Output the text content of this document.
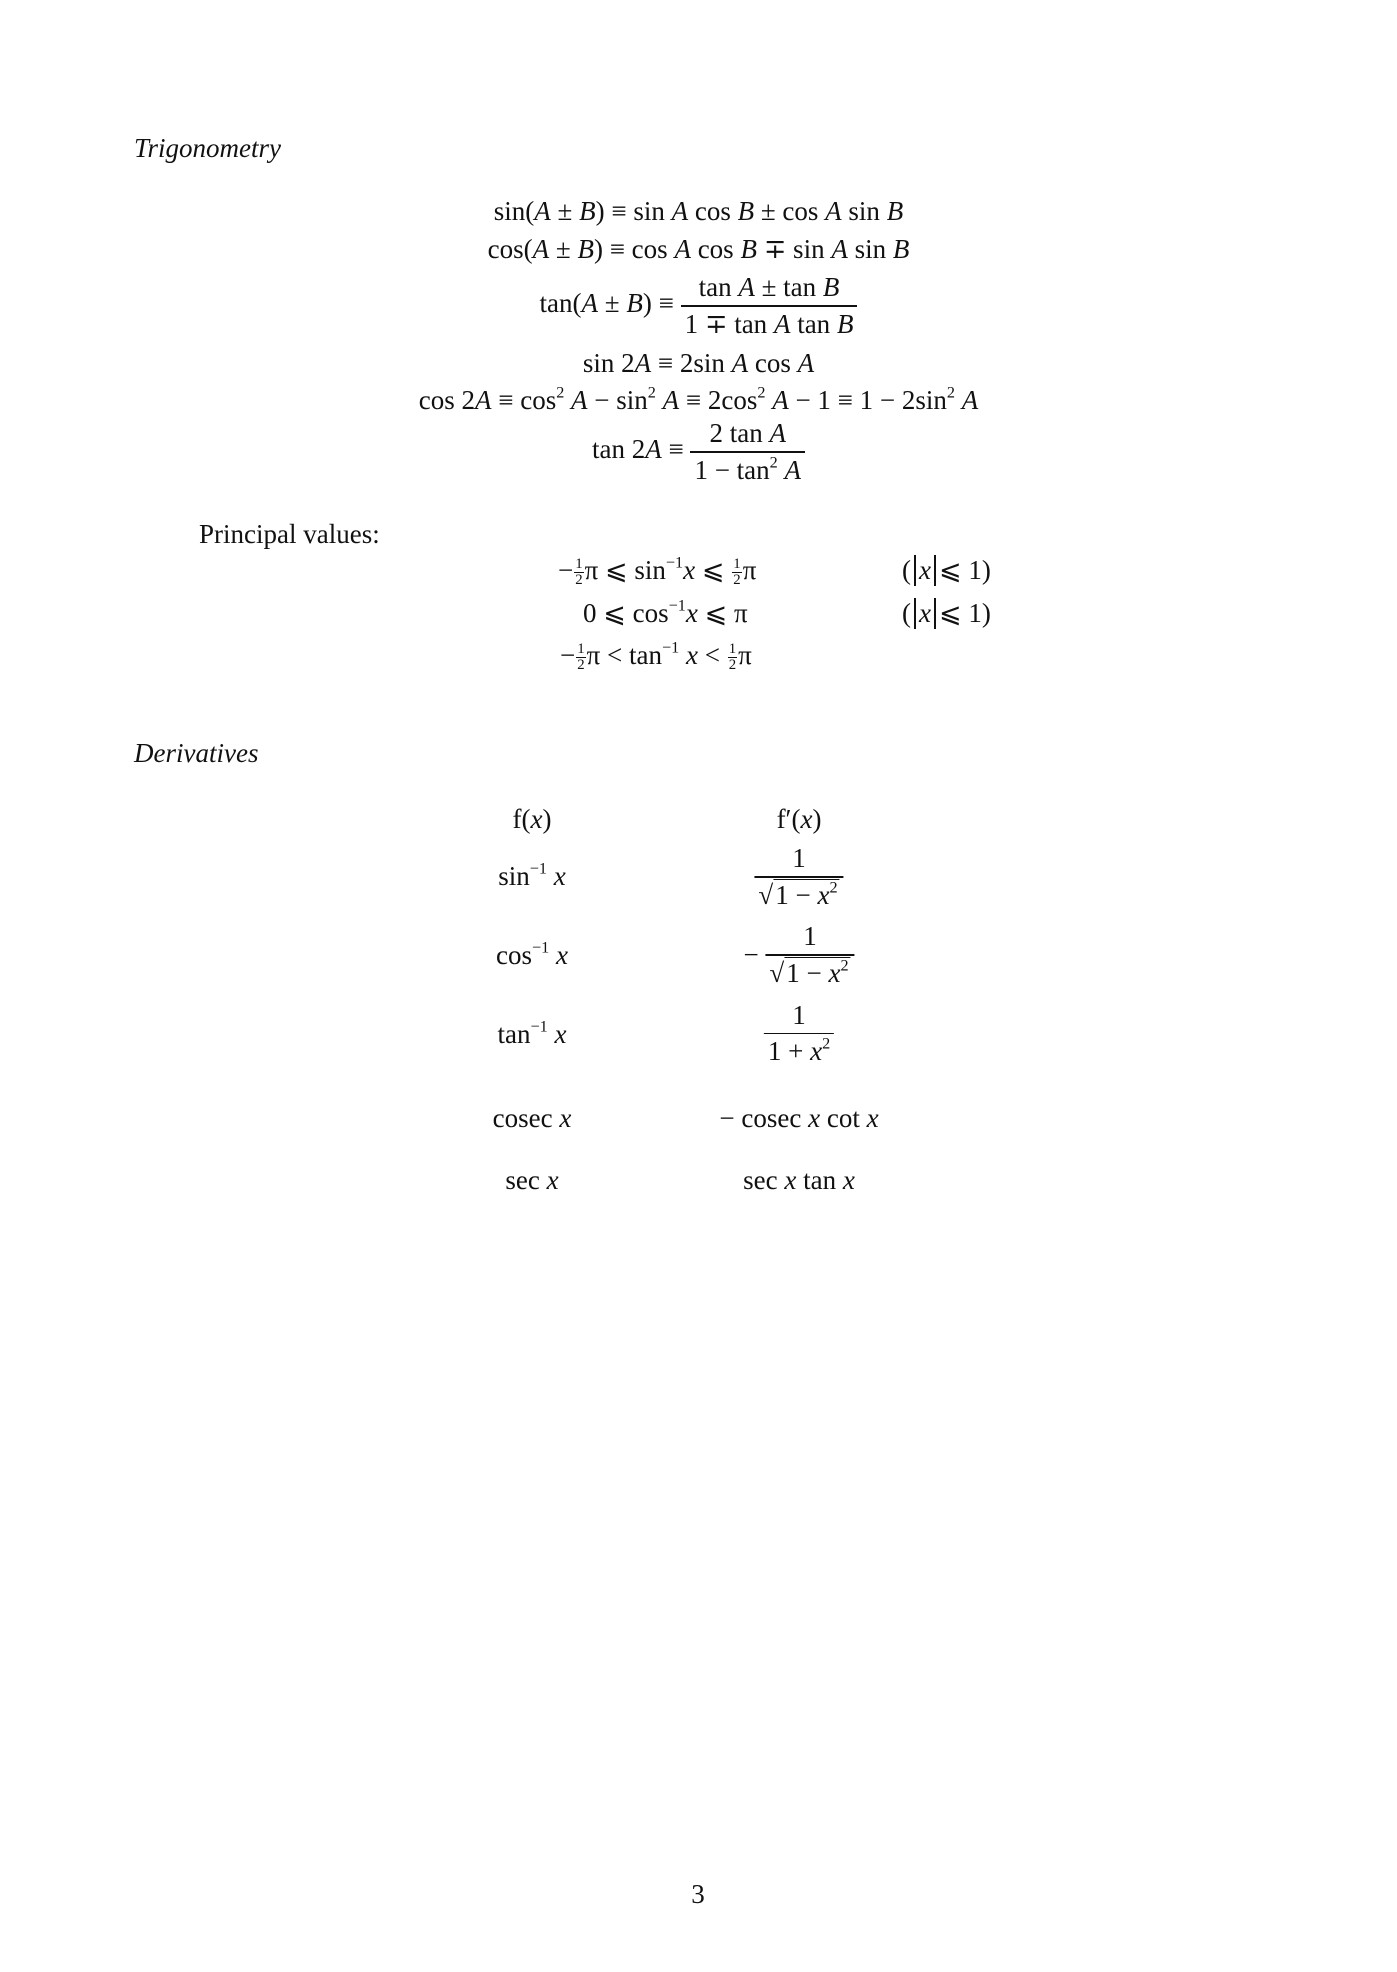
Trigonometry
sin(A ± B) ≡ sin A cos B ± cos A sin B
cos(A ± B) ≡ cos A cos B ∓ sin A sin B
$\tan(A \pm B) \equiv \frac{\text{tan A ± tan B}}{\text{1 ∓ tan A tan B}}$
sin 2A ≡ 2sin A cos A
$\cos 2A \equiv \cos^2 A - \sin^2 A \equiv 2\cos^2$ $A - 1 \equiv 1 - 2\sin^2$ A
$\tan 2A \equiv \frac{\text{2 tan A}}{1 - \tan^2 A}$
Principal values:
− $\frac{1}{2}$ π ⩽ $\sin^{-1}x$ ⩽ $\frac{1}{2}$ π	( x ⩽ 1)
0 ⩽ $\cos^{-1}x$ ⩽ π	( x ⩽ 1)
− $\frac{1}{2}$ $\pi < \tan^{-1} x < \frac{1}{2}$ π
Derivatives
f(x)	f′(x)
$\sin^{-1} x$	$\frac{1}{√1 - x^2}$
$\cos^{-1} x$	− $\frac{1}{√1 - x^2}$
$\tan^{-1} x$	$\frac{1}{1 + x^2}$
cosec x	− cosec x cot x
sec x	sec x tan x
3
